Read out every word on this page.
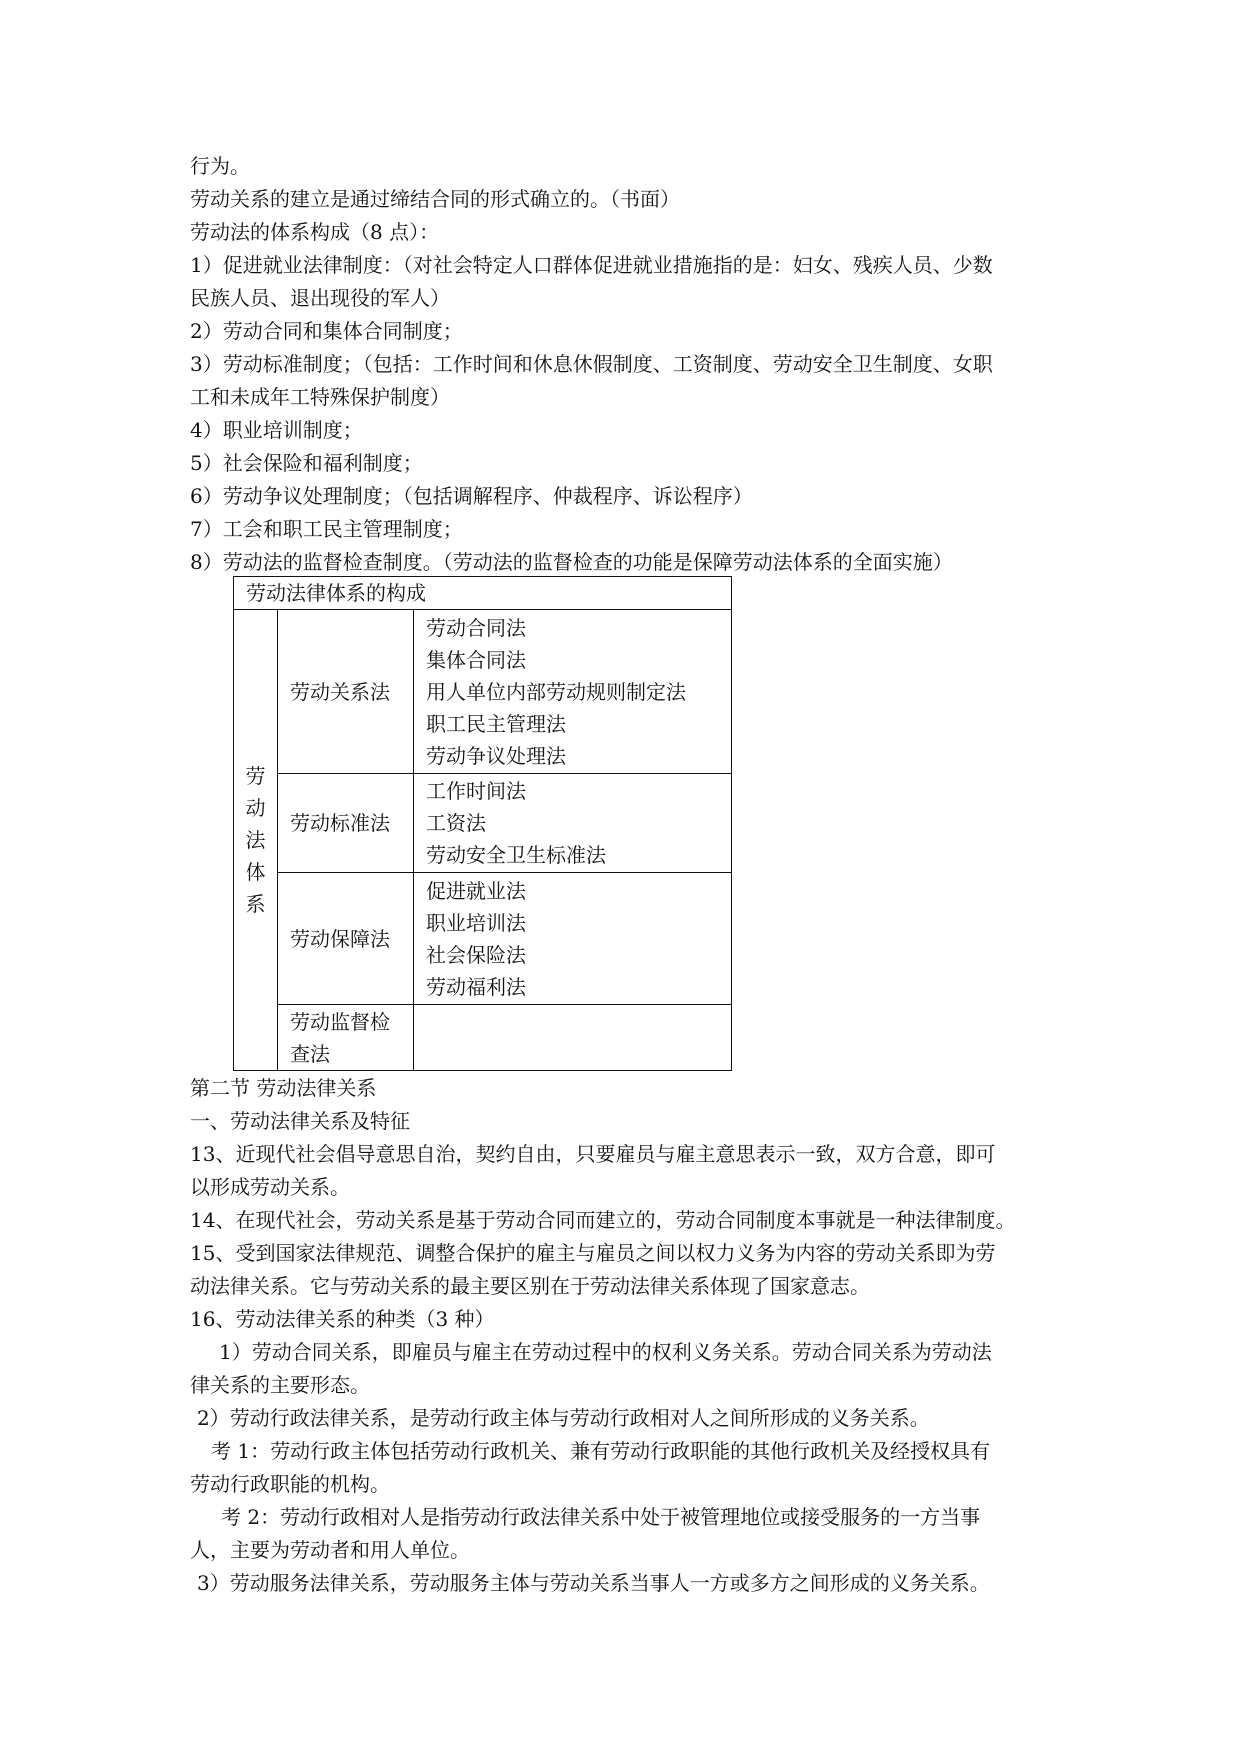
行为。
劳动关系的建立是通过缔结合同的形式确立的。（书面）
劳动法的体系构成（8 点）：
1）促进就业法律制度：（对社会特定人口群体促进就业措施指的是：妇女、残疾人员、少数
民族人员、退出现役的军人）
2）劳动合同和集体合同制度；
3）劳动标准制度；（包括：工作时间和休息休假制度、工资制度、劳动安全卫生制度、女职
工和未成年工特殊保护制度）
4）职业培训制度；
5）社会保险和福利制度；
6）劳动争议处理制度；（包括调解程序、仲裁程序、诉讼程序）
7）工会和职工民主管理制度；
8）劳动法的监督检查制度。（劳动法的监督检查的功能是保障劳动法体系的全面实施）
劳动法律体系的构成		

劳
动
法
体
系	劳动关系法	劳动合同法
集体合同法
用人单位内部劳动规则制定法
职工民主管理法
劳动争议处理法

	劳动标准法	工作时间法
工资法
劳动安全卫生标准法

	劳动保障法	促进就业法
职业培训法
社会保险法
劳动福利法

	劳动监督检
查法	

第二节 劳动法律关系
一、劳动法律关系及特征
13、近现代社会倡导意思自治，契约自由，只要雇员与雇主意思表示一致，双方合意，即可
以形成劳动关系。
14、在现代社会，劳动关系是基于劳动合同而建立的，劳动合同制度本事就是一种法律制度。
15、受到国家法律规范、调整合保护的雇主与雇员之间以权力义务为内容的劳动关系即为劳
动法律关系。它与劳动关系的最主要区别在于劳动法律关系体现了国家意志。
16、劳动法律关系的种类（3 种）
1）劳动合同关系，即雇员与雇主在劳动过程中的权利义务关系。劳动合同关系为劳动法
律关系的主要形态。
2）劳动行政法律关系，是劳动行政主体与劳动行政相对人之间所形成的义务关系。
考 1：劳动行政主体包括劳动行政机关、兼有劳动行政职能的其他行政机关及经授权具有
劳动行政职能的机构。
考 2：劳动行政相对人是指劳动行政法律关系中处于被管理地位或接受服务的一方当事
人，主要为劳动者和用人单位。
3）劳动服务法律关系，劳动服务主体与劳动关系当事人一方或多方之间形成的义务关系。
